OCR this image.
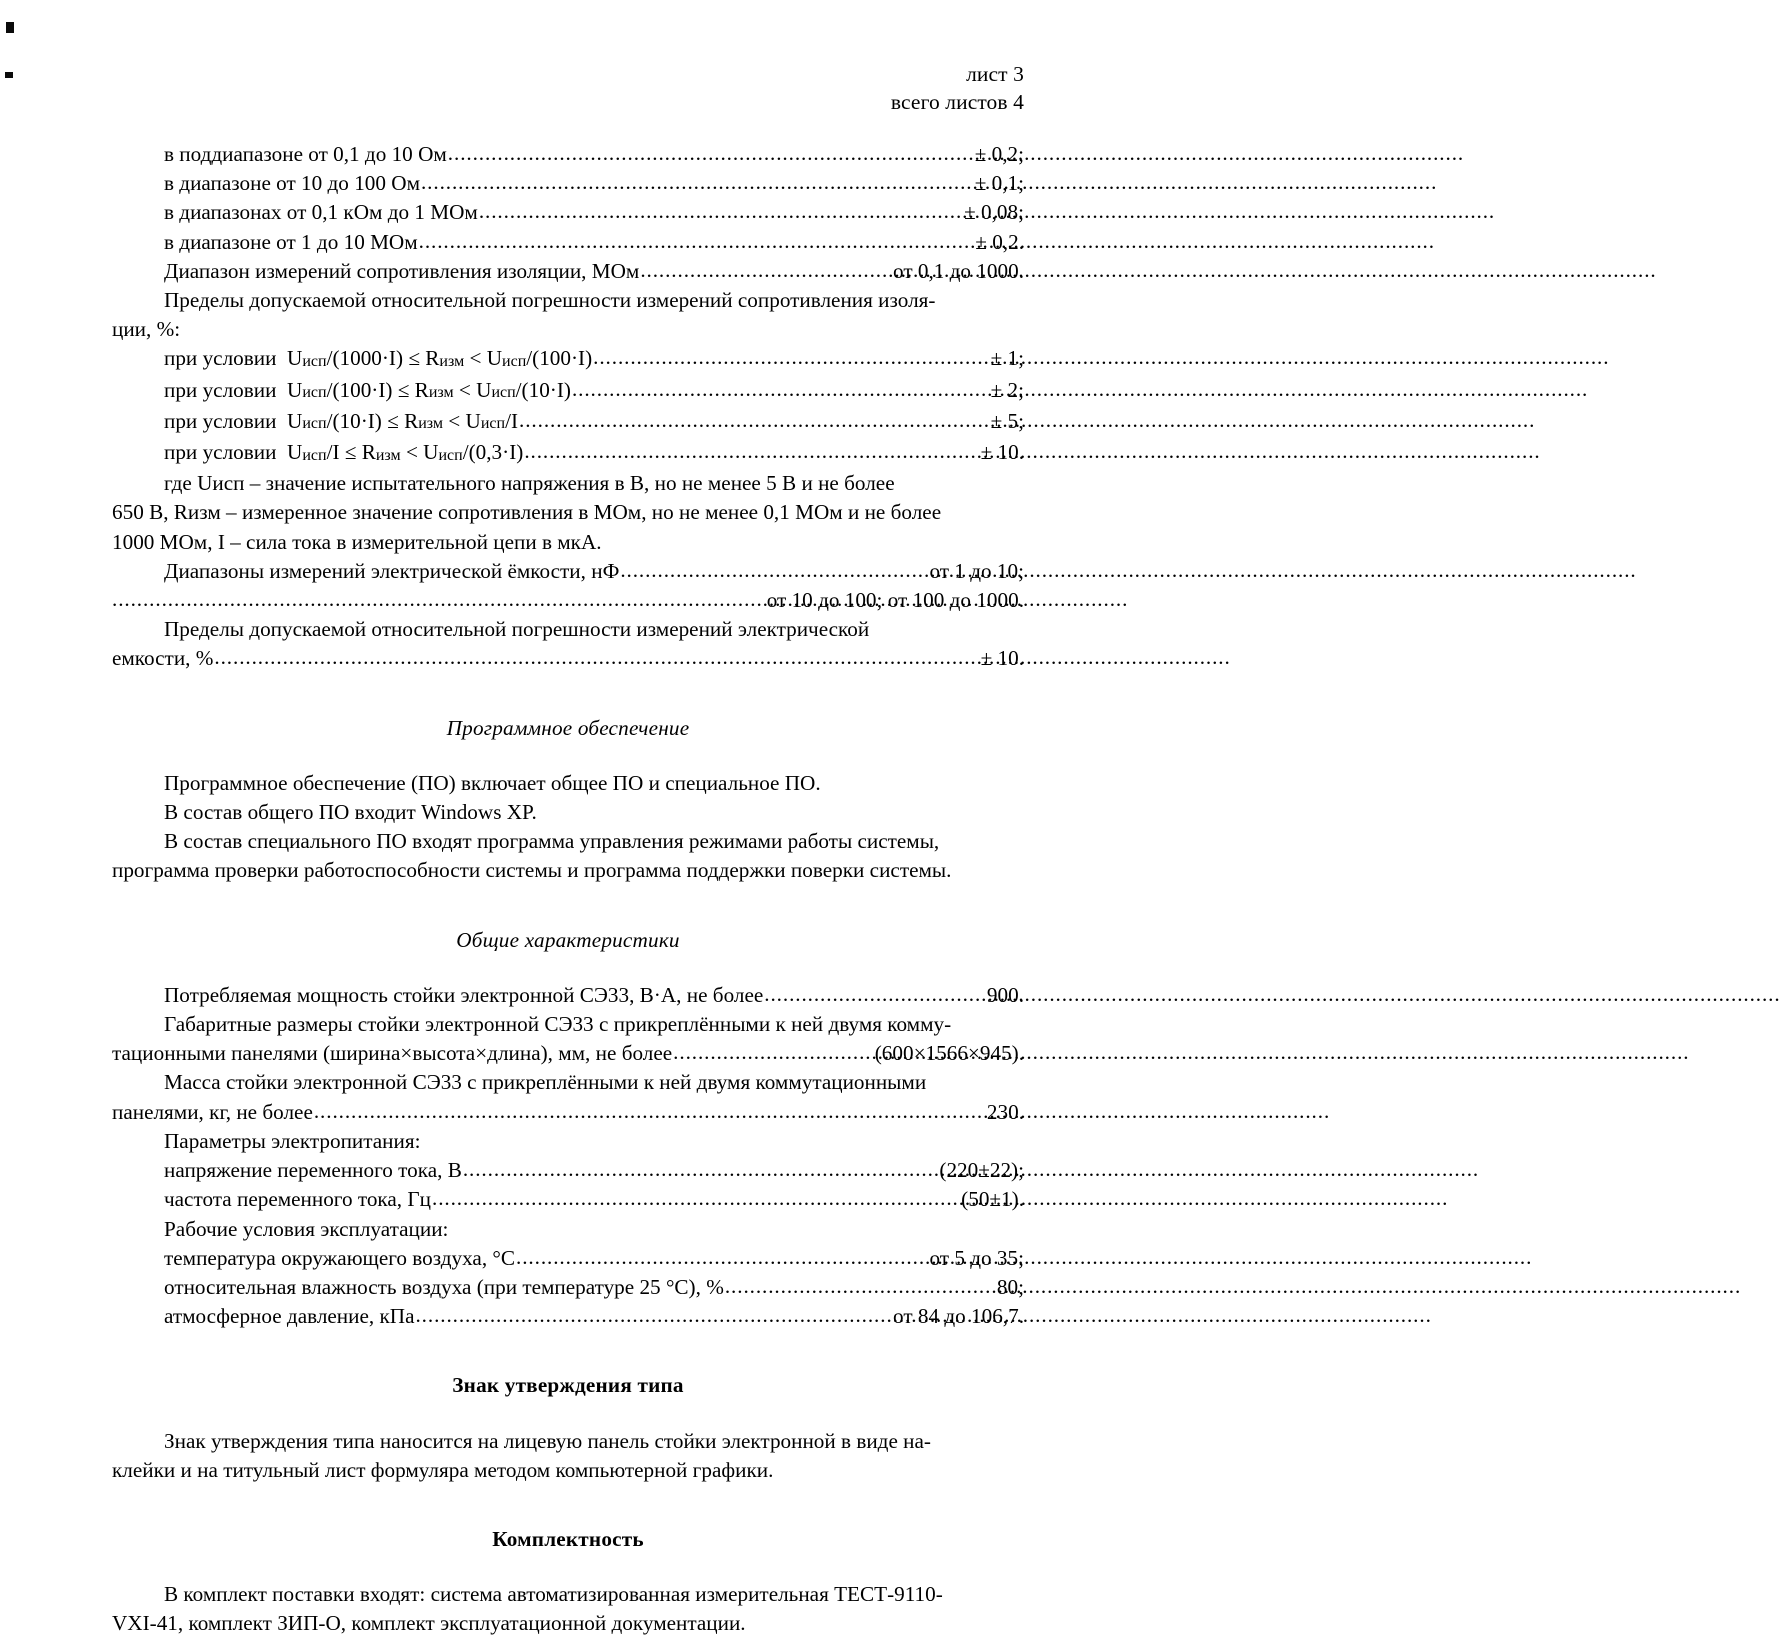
лист 3
всего листов 4
в поддиапазоне от 0,1 до 10 Ом .....	± 0,2;
в диапазоне от 10 до 100 Ом .....	± 0,1;
в диапазонах от 0,1 кОм до 1 МОм .....	± 0,08;
в диапазоне от 1 до 10 МОм .....	± 0,2.
Диапазон измерений сопротивления изоляции, МОм .....	от 0,1 до 1000.

Пределы допускаемой относительной погрешности измерений сопротивления изоля-

ции, %:

при условии Uисп/(1000·I) ≤ Rизм < Uисп/(100·I) .....	± 1;
при условии Uисп/(100·I) ≤ Rизм < Uисп/(10·I) .....	± 2;
при условии Uисп/(10·I) ≤ Rизм < Uисп/I .....	± 5;
при условии Uисп/I ≤ Rизм < Uисп/(0,3·I) .....	± 10.

где Uисп – значение испытательного напряжения в В, но не менее 5 В и не более

650 В, Rизм – измеренное значение сопротивления в МОм, но не менее 0,1 МОм и не более

1000 МОм, I – сила тока в измерительной цепи в мкА.

Диапазоны измерений электрической ёмкости, нФ .....	от 1 до 10;
.....
от 10 до 100; от 100 до 1000.

Пределы допускаемой относительной погрешности измерений электрической

емкости, % .....	± 10.
Программное обеспечение

Программное обеспечение (ПО) включает общее ПО и специальное ПО.

В состав общего ПО входит Windows XP.

В состав специального ПО входят программа управления режимами работы системы,

программа проверки работоспособности системы и программа поддержки поверки системы.

Общие характеристики
Потребляемая мощность стойки электронной СЭ33, В·А, не более .....	900.

Габаритные размеры стойки электронной СЭ33 с прикреплёнными к ней двумя комму-

тационными панелями (ширина×высота×длина), мм, не более .....	(600×1566×945).

Масса стойки электронной СЭ33 с прикреплёнными к ней двумя коммутационными

панелями, кг, не более .....	230.

Параметры электропитания:

напряжение переменного тока, В .....	(220±22);
частота переменного тока, Гц .....	(50±1).

Рабочие условия эксплуатации:

температура окружающего воздуха, °С .....	от 5 до 35;
относительная влажность воздуха (при температуре 25 °С), % .....	80;
атмосферное давление, кПа .....	от 84 до 106,7.
Знак утверждения типа

Знак утверждения типа наносится на лицевую панель стойки электронной в виде на-

клейки и на титульный лист формуляра методом компьютерной графики.

Комплектность

В комплект поставки входят: система автоматизированная измерительная ТЕСТ-9110-

VXI-41, комплект ЗИП-О, комплект эксплуатационной документации.
